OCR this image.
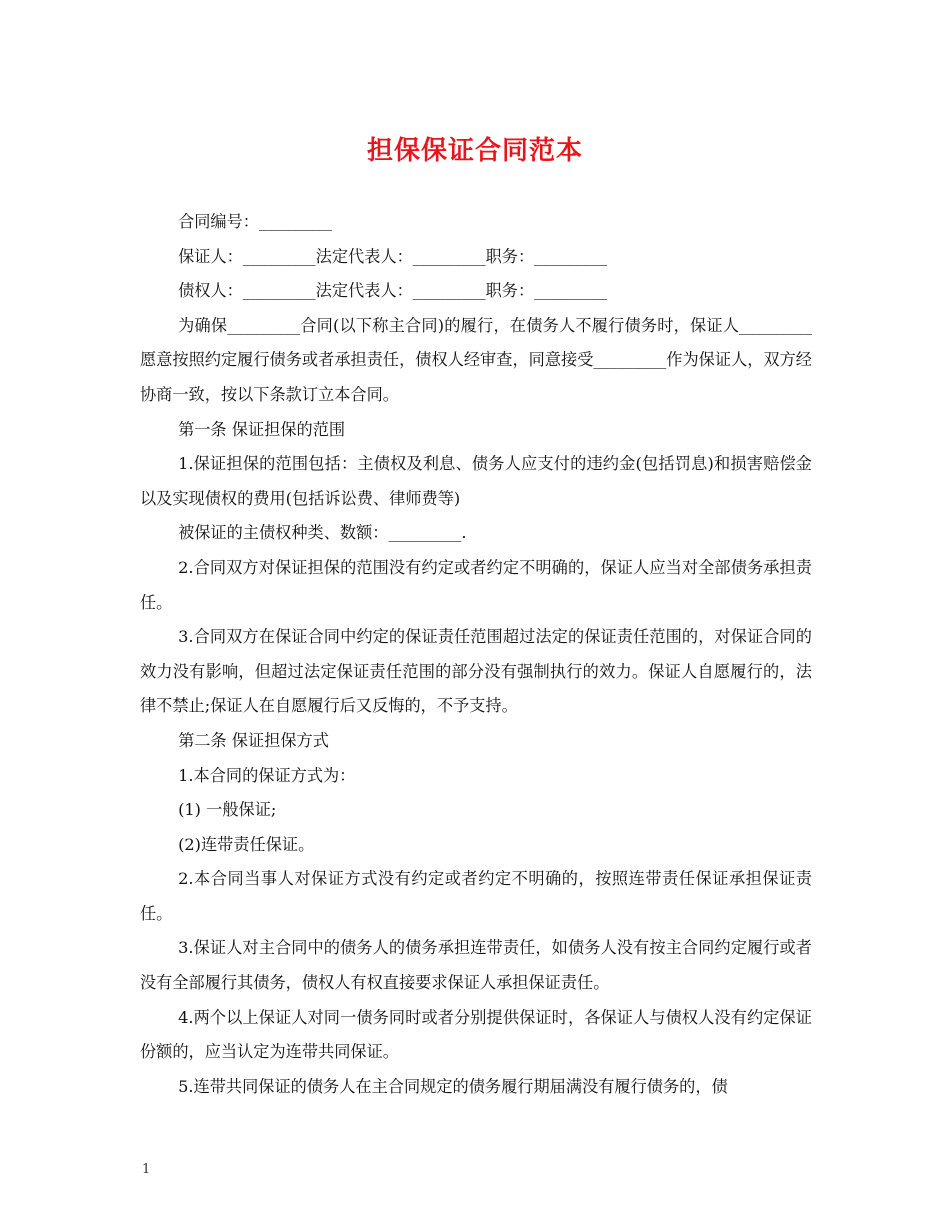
担保保证合同范本

合同编号：_________

保证人：_________法定代表人：_________职务：_________

债权人：_________法定代表人：_________职务：_________

为确保_________合同(以下称主合同)的履行，在债务人不履行债务时，保证人_________愿意按照约定履行债务或者承担责任，债权人经审查，同意接受_________作为保证人，双方经协商一致，按以下条款订立本合同。

第一条 保证担保的范围

1.保证担保的范围包括：主债权及利息、债务人应支付的违约金(包括罚息)和损害赔偿金以及实现债权的费用(包括诉讼费、律师费等)

被保证的主债权种类、数额：_________.

2.合同双方对保证担保的范围没有约定或者约定不明确的，保证人应当对全部债务承担责任。

3.合同双方在保证合同中约定的保证责任范围超过法定的保证责任范围的，对保证合同的效力没有影响，但超过法定保证责任范围的部分没有强制执行的效力。保证人自愿履行的，法律不禁止;保证人在自愿履行后又反悔的，不予支持。

第二条 保证担保方式

1.本合同的保证方式为：

(1) 一般保证;

(2)连带责任保证。

2.本合同当事人对保证方式没有约定或者约定不明确的，按照连带责任保证承担保证责任。

3.保证人对主合同中的债务人的债务承担连带责任，如债务人没有按主合同约定履行或者没有全部履行其债务，债权人有权直接要求保证人承担保证责任。

4.两个以上保证人对同一债务同时或者分别提供保证时，各保证人与债权人没有约定保证份额的，应当认定为连带共同保证。

5.连带共同保证的债务人在主合同规定的债务履行期届满没有履行债务的，债

1
